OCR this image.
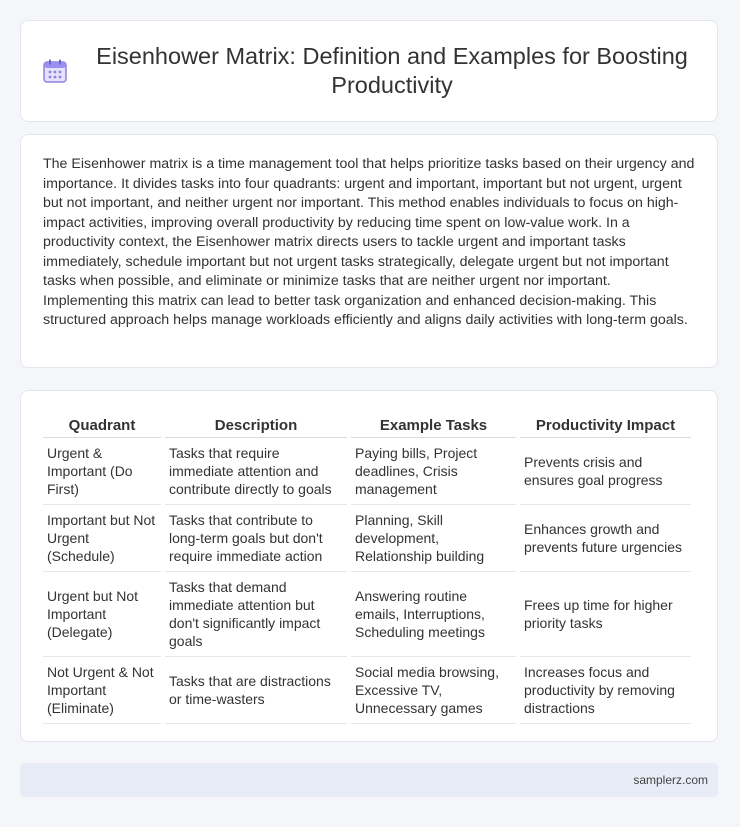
Eisenhower Matrix: Definition and Examples for Boosting Productivity

The Eisenhower matrix is a time management tool that helps prioritize tasks based on their urgency and importance. It divides tasks into four quadrants: urgent and important, important but not urgent, urgent but not important, and neither urgent nor important. This method enables individuals to focus on high-impact activities, improving overall productivity by reducing time spent on low-value work. In a productivity context, the Eisenhower matrix directs users to tackle urgent and important tasks immediately, schedule important but not urgent tasks strategically, delegate urgent but not important tasks when possible, and eliminate or minimize tasks that are neither urgent nor important. Implementing this matrix can lead to better task organization and enhanced decision-making. This structured approach helps manage workloads efficiently and aligns daily activities with long-term goals.

Quadrant	Description	Example Tasks	Productivity Impact
Urgent & Important (Do First)	Tasks that require immediate attention and contribute directly to goals	Paying bills, Project deadlines, Crisis management	Prevents crisis and ensures goal progress
Important but Not Urgent (Schedule)	Tasks that contribute to long-term goals but don't require immediate action	Planning, Skill development, Relationship building	Enhances growth and prevents future urgencies
Urgent but Not Important (Delegate)	Tasks that demand immediate attention but don't significantly impact goals	Answering routine emails, Interruptions, Scheduling meetings	Frees up time for higher priority tasks
Not Urgent & Not Important (Eliminate)	Tasks that are distractions or time-wasters	Social media browsing, Excessive TV, Unnecessary games	Increases focus and productivity by removing distractions
samplerz.com
